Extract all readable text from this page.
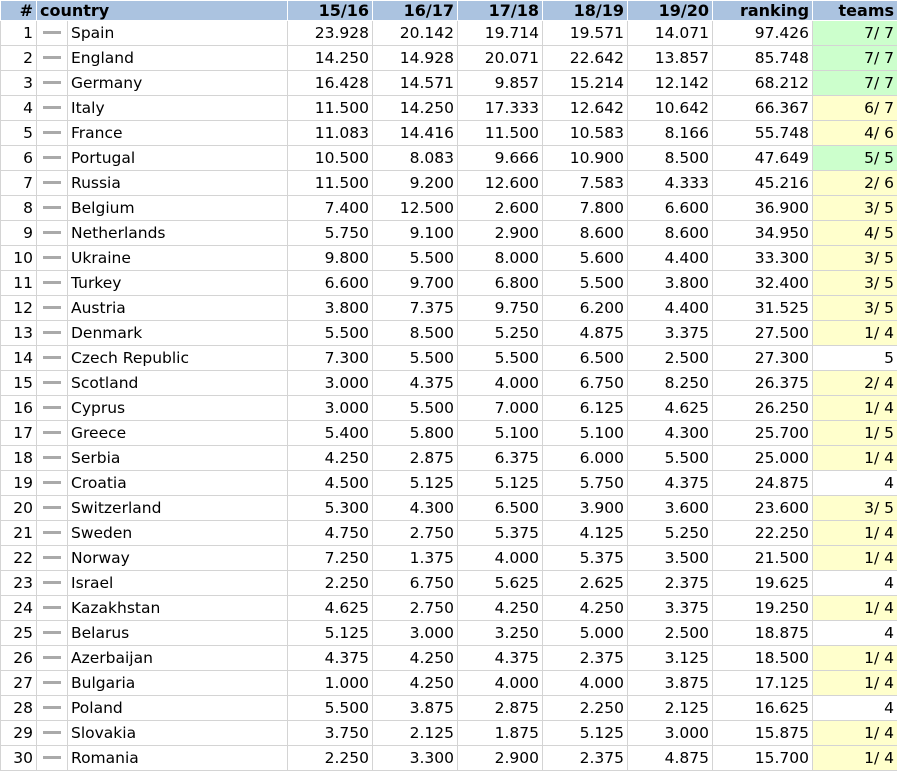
#	country		15/16	16/17	17/18	18/19	19/20	ranking	teams
1		Spain	23.928	20.142	19.714	19.571	14.071	97.426	7/ 7
2		England	14.250	14.928	20.071	22.642	13.857	85.748	7/ 7
3		Germany	16.428	14.571	9.857	15.214	12.142	68.212	7/ 7
4		Italy	11.500	14.250	17.333	12.642	10.642	66.367	6/ 7
5		France	11.083	14.416	11.500	10.583	8.166	55.748	4/ 6
6		Portugal	10.500	8.083	9.666	10.900	8.500	47.649	5/ 5
7		Russia	11.500	9.200	12.600	7.583	4.333	45.216	2/ 6
8		Belgium	7.400	12.500	2.600	7.800	6.600	36.900	3/ 5
9		Netherlands	5.750	9.100	2.900	8.600	8.600	34.950	4/ 5
10		Ukraine	9.800	5.500	8.000	5.600	4.400	33.300	3/ 5
11		Turkey	6.600	9.700	6.800	5.500	3.800	32.400	3/ 5
12		Austria	3.800	7.375	9.750	6.200	4.400	31.525	3/ 5
13		Denmark	5.500	8.500	5.250	4.875	3.375	27.500	1/ 4
14		Czech Republic	7.300	5.500	5.500	6.500	2.500	27.300	5
15		Scotland	3.000	4.375	4.000	6.750	8.250	26.375	2/ 4
16		Cyprus	3.000	5.500	7.000	6.125	4.625	26.250	1/ 4
17		Greece	5.400	5.800	5.100	5.100	4.300	25.700	1/ 5
18		Serbia	4.250	2.875	6.375	6.000	5.500	25.000	1/ 4
19		Croatia	4.500	5.125	5.125	5.750	4.375	24.875	4
20		Switzerland	5.300	4.300	6.500	3.900	3.600	23.600	3/ 5
21		Sweden	4.750	2.750	5.375	4.125	5.250	22.250	1/ 4
22		Norway	7.250	1.375	4.000	5.375	3.500	21.500	1/ 4
23		Israel	2.250	6.750	5.625	2.625	2.375	19.625	4
24		Kazakhstan	4.625	2.750	4.250	4.250	3.375	19.250	1/ 4
25		Belarus	5.125	3.000	3.250	5.000	2.500	18.875	4
26		Azerbaijan	4.375	4.250	4.375	2.375	3.125	18.500	1/ 4
27		Bulgaria	1.000	4.250	4.000	4.000	3.875	17.125	1/ 4
28		Poland	5.500	3.875	2.875	2.250	2.125	16.625	4
29		Slovakia	3.750	2.125	1.875	5.125	3.000	15.875	1/ 4
30		Romania	2.250	3.300	2.900	2.375	4.875	15.700	1/ 4
